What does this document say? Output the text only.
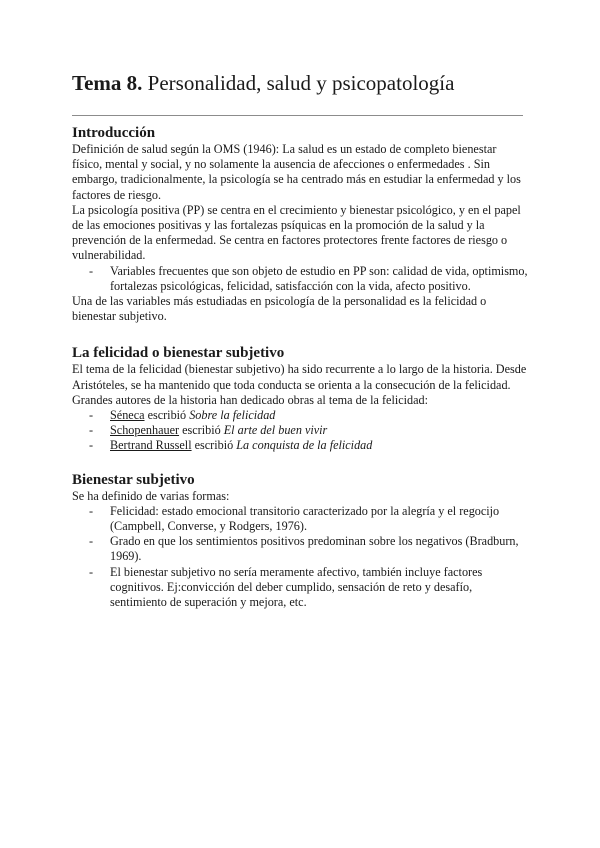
Tema 8. Personalidad, salud y psicopatología
Introducción

Definición de salud según la OMS (1946): La salud es un estado de completo bienestar físico, mental y social, y no solamente la ausencia de afecciones o enfermedades . Sin embargo, tradicionalmente, la psicología se ha centrado más en estudiar la enfermedad y los factores de riesgo.

La psicología positiva (PP) se centra en el crecimiento y bienestar psicológico, y en el papel de las emociones positivas y las fortalezas psíquicas en la promoción de la salud y la prevención de la enfermedad. Se centra en factores protectores frente factores de riesgo o vulnerabilidad.

- Variables frecuentes que son objeto de estudio en PP son: calidad de vida, optimismo, fortalezas psicológicas, felicidad, satisfacción con la vida, afecto positivo.

Una de las variables más estudiadas en psicología de la personalidad es la felicidad o bienestar subjetivo.

La felicidad o bienestar subjetivo

El tema de la felicidad (bienestar subjetivo) ha sido recurrente a lo largo de la historia. Desde Aristóteles, se ha mantenido que toda conducta se orienta a la consecución de la felicidad.

Grandes autores de la historia han dedicado obras al tema de la felicidad:

- Séneca escribió Sobre la felicidad
- Schopenhauer escribió El arte del buen vivir
- Bertrand Russell escribió La conquista de la felicidad
Bienestar subjetivo

Se ha definido de varias formas:

- Felicidad: estado emocional transitorio caracterizado por la alegría y el regocijo (Campbell, Converse, y Rodgers, 1976).
- Grado en que los sentimientos positivos predominan sobre los negativos (Bradburn, 1969).
- El bienestar subjetivo no sería meramente afectivo, también incluye factores cognitivos. Ej:convicción del deber cumplido, sensación de reto y desafío, sentimiento de superación y mejora, etc.
